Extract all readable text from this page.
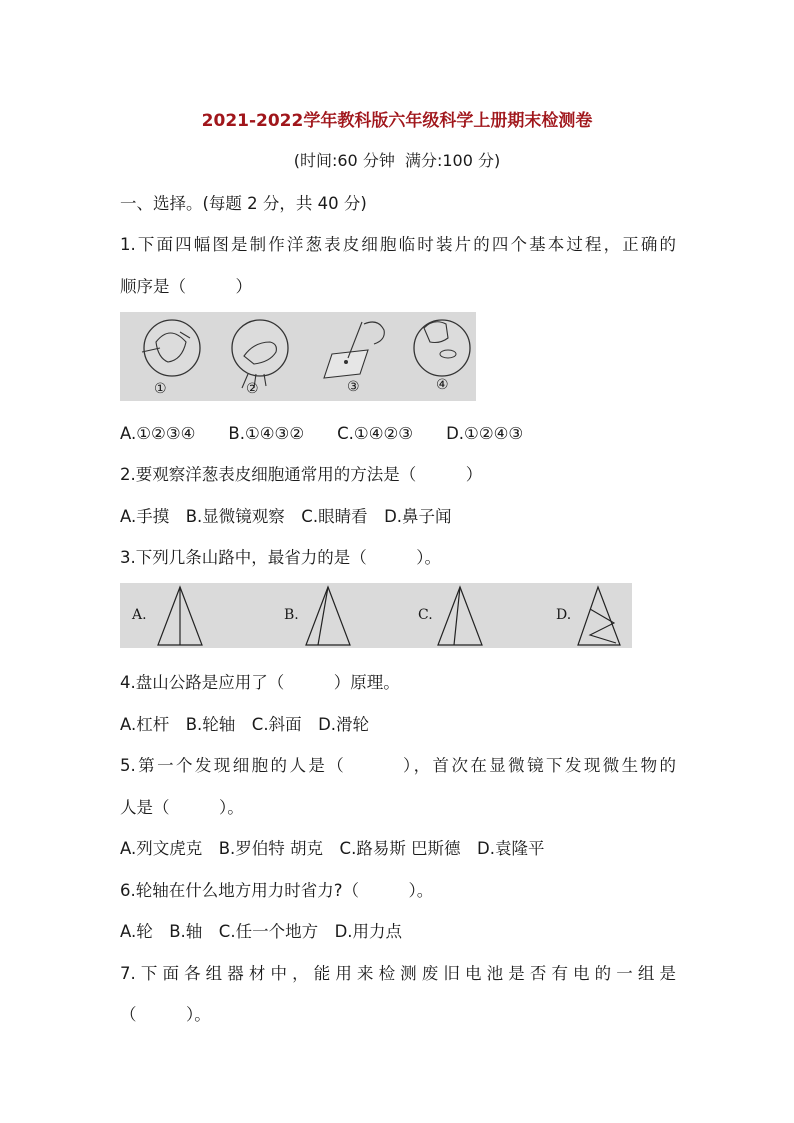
2021-2022学年教科版六年级科学上册期末检测卷
(时间:60 分钟  满分:100 分)
一、选择。(每题 2 分，共 40 分)
1.下面四幅图是制作洋葱表皮细胞临时装片的四个基本过程，正确的
顺序是（　　　）
①	②	③	④
A.①②③④　　B.①④③②　　C.①④②③　　D.①②④③
2.要观察洋葱表皮细胞通常用的方法是（　　　）
A.手摸　B.显微镜观察　C.眼睛看　D.鼻子闻
3.下列几条山路中，最省力的是（　　　）。
A.	B.	C.	D.
4.盘山公路是应用了（　　　）原理。
A.杠杆　B.轮轴　C.斜面　D.滑轮
5.第一个发现细胞的人是（　　　），首次在显微镜下发现微生物的
人是（　　　）。
A.列文虎克　B.罗伯特 胡克　C.路易斯 巴斯德　D.袁隆平
6.轮轴在什么地方用力时省力?（　　　）。
A.轮　B.轴　C.任一个地方　D.用力点
7.下面各组器材中，能用来检测废旧电池是否有电的一组是
（　　　）。
